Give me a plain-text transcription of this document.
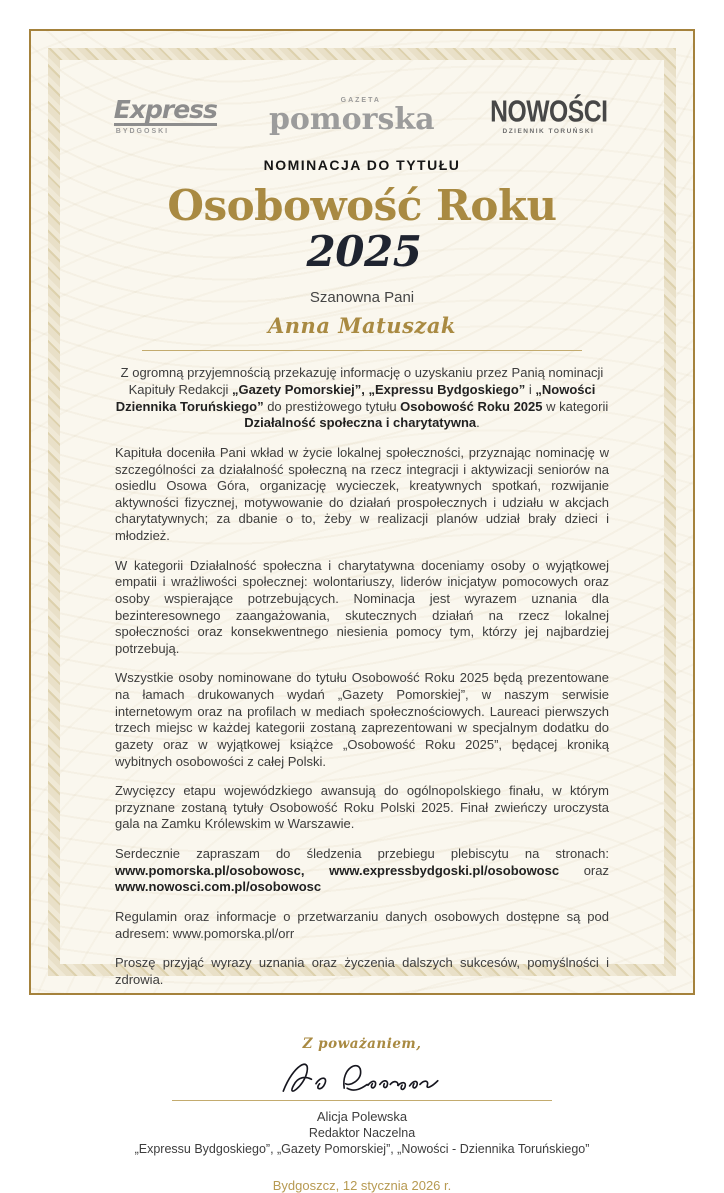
Express
BYDGOSKI
GAZETA
pomorska NOWOŚCI
DZIENNIK TORUŃSKI
NOMINACJA DO TYTUŁU
Osobowość Roku 2025
Szanowna Pani
Anna Matuszak

Z ogromną przyjemnością przekazuję informację o uzyskaniu przez Panią nominacji Kapituły Redakcji „Gazety Pomorskiej”, „Expressu Bydgoskiego” i „Nowości Dziennika Toruńskiego” do prestiżowego tytułu Osobowość Roku 2025 w kategorii Działalność społeczna i charytatywna.

Kapituła doceniła Pani wkład w życie lokalnej społeczności, przyznając nominację w szczególności za działalność społeczną na rzecz integracji i aktywizacji seniorów na osiedlu Osowa Góra, organizację wycieczek, kreatywnych spotkań, rozwijanie aktywności fizycznej, motywowanie do działań prospołecznych i udziału w akcjach charytatywnych; za dbanie o to, żeby w realizacji planów udział brały dzieci i młodzież.

W kategorii Działalność społeczna i charytatywna doceniamy osoby o wyjątkowej empatii i wrażliwości społecznej: wolontariuszy, liderów inicjatyw pomocowych oraz osoby wspierające potrzebujących. Nominacja jest wyrazem uznania dla bezinteresownego zaangażowania, skutecznych działań na rzecz lokalnej społeczności oraz konsekwentnego niesienia pomocy tym, którzy jej najbardziej potrzebują.

Wszystkie osoby nominowane do tytułu Osobowość Roku 2025 będą prezentowane na łamach drukowanych wydań „Gazety Pomorskiej”, w naszym serwisie internetowym oraz na profilach w mediach społecznościowych. Laureaci pierwszych trzech miejsc w każdej kategorii zostaną zaprezentowani w specjalnym dodatku do gazety oraz w wyjątkowej książce „Osobowość Roku 2025”, będącej kroniką wybitnych osobowości z całej Polski.

Zwycięzcy etapu wojewódzkiego awansują do ogólnopolskiego finału, w którym przyznane zostaną tytuły Osobowość Roku Polski 2025. Finał zwieńczy uroczysta gala na Zamku Królewskim w Warszawie.

Serdecznie zapraszam do śledzenia przebiegu plebiscytu na stronach: www.pomorska.pl/osobowosc, www.expressbydgoski.pl/osobowosc oraz www.nowosci.com.pl/osobowosc

Regulamin oraz informacje o przetwarzaniu danych osobowych dostępne są pod adresem: www.pomorska.pl/orr

Proszę przyjąć wyrazy uznania oraz życzenia dalszych sukcesów, pomyślności i zdrowia.

Z poważaniem,
Alicja Polewska
Redaktor Naczelna
„Expressu Bydgoskiego”, „Gazety Pomorskiej”, „Nowości - Dziennika Toruńskiego”
Bydgoszcz, 12 stycznia 2026 r.
